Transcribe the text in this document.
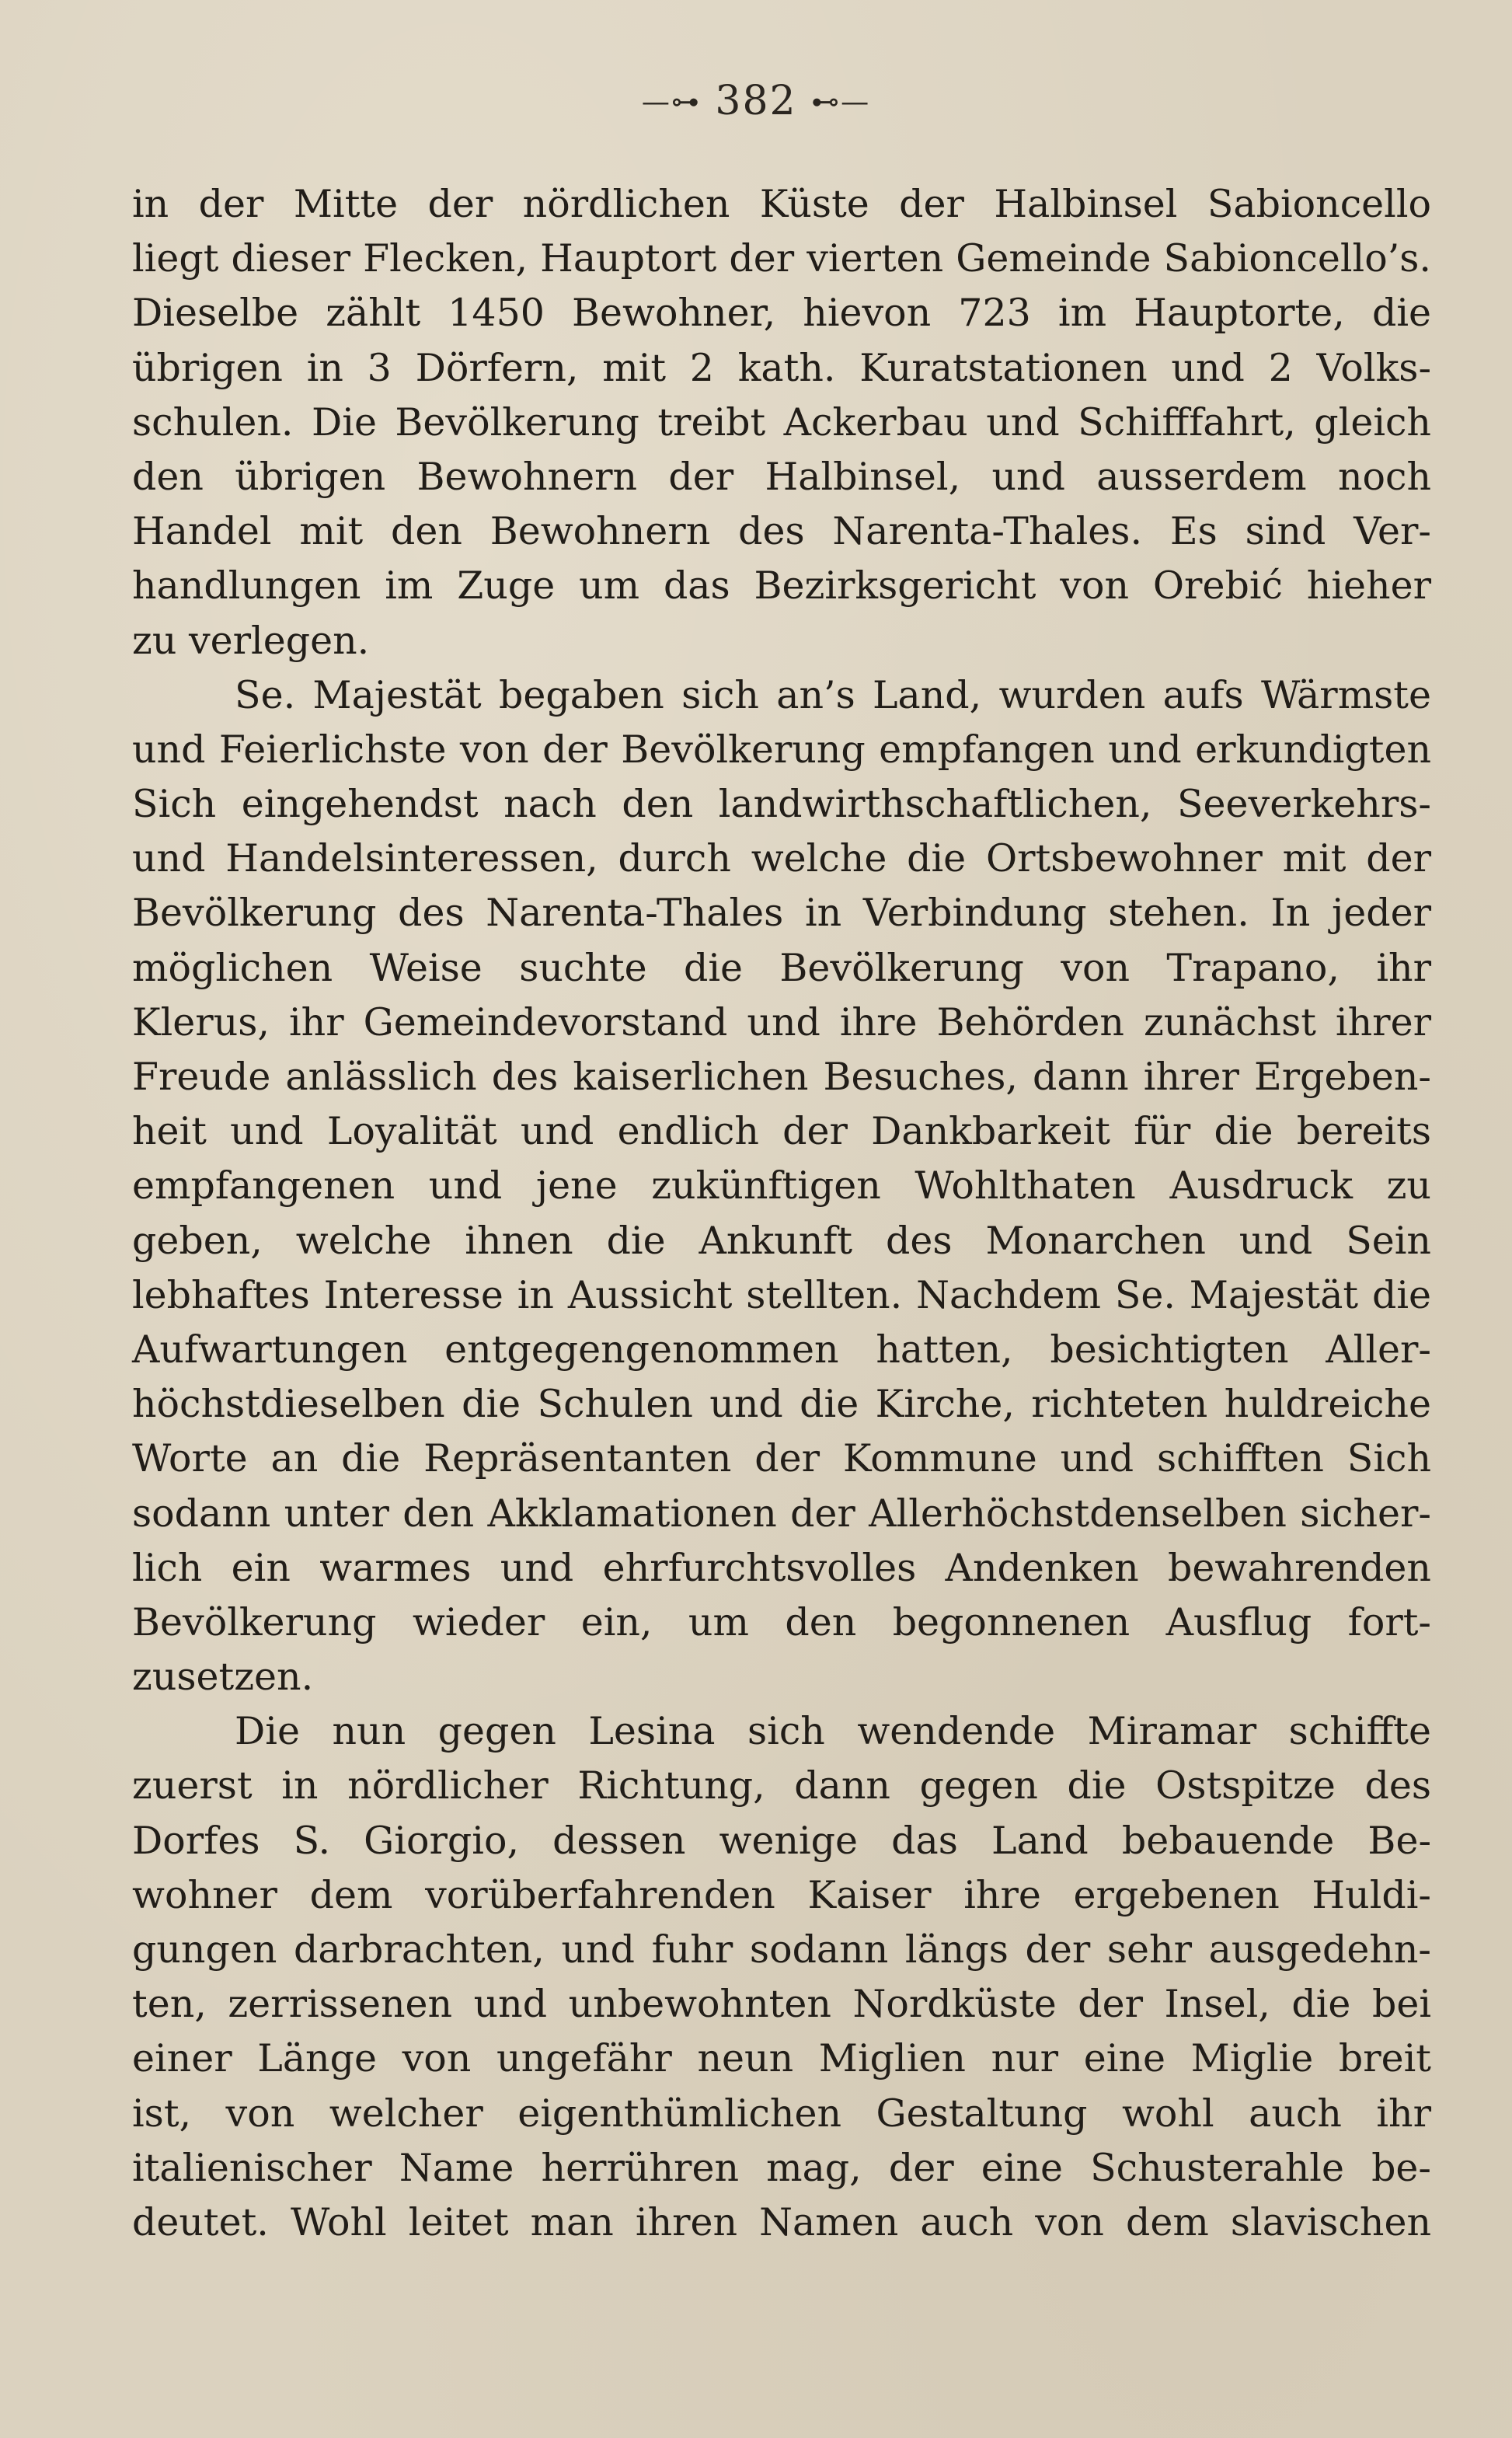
—⊶ 382 ⊷—
in der Mitte der nördlichen Küste der Halbinsel Sabioncello
liegt dieser Flecken, Hauptort der vierten Gemeinde Sabioncello’s.
Dieselbe zählt 1450 Bewohner, hievon 723 im Hauptorte, die
übrigen in 3 Dörfern, mit 2 kath. Kuratstationen und 2 Volks-
schulen. Die Bevölkerung treibt Ackerbau und Schifffahrt, gleich
den übrigen Bewohnern der Halbinsel, und ausserdem noch
Handel mit den Bewohnern des Narenta-Thales. Es sind Ver-
handlungen im Zuge um das Bezirksgericht von Orebić hieher
zu verlegen.
Se. Majestät begaben sich an’s Land, wurden aufs Wärmste
und Feierlichste von der Bevölkerung empfangen und erkundigten
Sich eingehendst nach den landwirthschaftlichen, Seeverkehrs-
und Handelsinteressen, durch welche die Ortsbewohner mit der
Bevölkerung des Narenta-Thales in Verbindung stehen. In jeder
möglichen Weise suchte die Bevölkerung von Trapano, ihr
Klerus, ihr Gemeindevorstand und ihre Behörden zunächst ihrer
Freude anlässlich des kaiserlichen Besuches, dann ihrer Ergeben-
heit und Loyalität und endlich der Dankbarkeit für die bereits
empfangenen und jene zukünftigen Wohlthaten Ausdruck zu
geben, welche ihnen die Ankunft des Monarchen und Sein
lebhaftes Interesse in Aussicht stellten. Nachdem Se. Majestät die
Aufwartungen entgegengenommen hatten, besichtigten Aller-
höchstdieselben die Schulen und die Kirche, richteten huldreiche
Worte an die Repräsentanten der Kommune und schifften Sich
sodann unter den Akklamationen der Allerhöchstdenselben sicher-
lich ein warmes und ehrfurchtsvolles Andenken bewahrenden
Bevölkerung wieder ein, um den begonnenen Ausflug fort-
zusetzen.
Die nun gegen Lesina sich wendende Miramar schiffte
zuerst in nördlicher Richtung, dann gegen die Ostspitze des
Dorfes S. Giorgio, dessen wenige das Land bebauende Be-
wohner dem vorüberfahrenden Kaiser ihre ergebenen Huldi-
gungen darbrachten, und fuhr sodann längs der sehr ausgedehn-
ten, zerrissenen und unbewohnten Nordküste der Insel, die bei
einer Länge von ungefähr neun Miglien nur eine Miglie breit
ist, von welcher eigenthümlichen Gestaltung wohl auch ihr
italienischer Name herrühren mag, der eine Schusterahle be-
deutet. Wohl leitet man ihren Namen auch von dem slavischen
